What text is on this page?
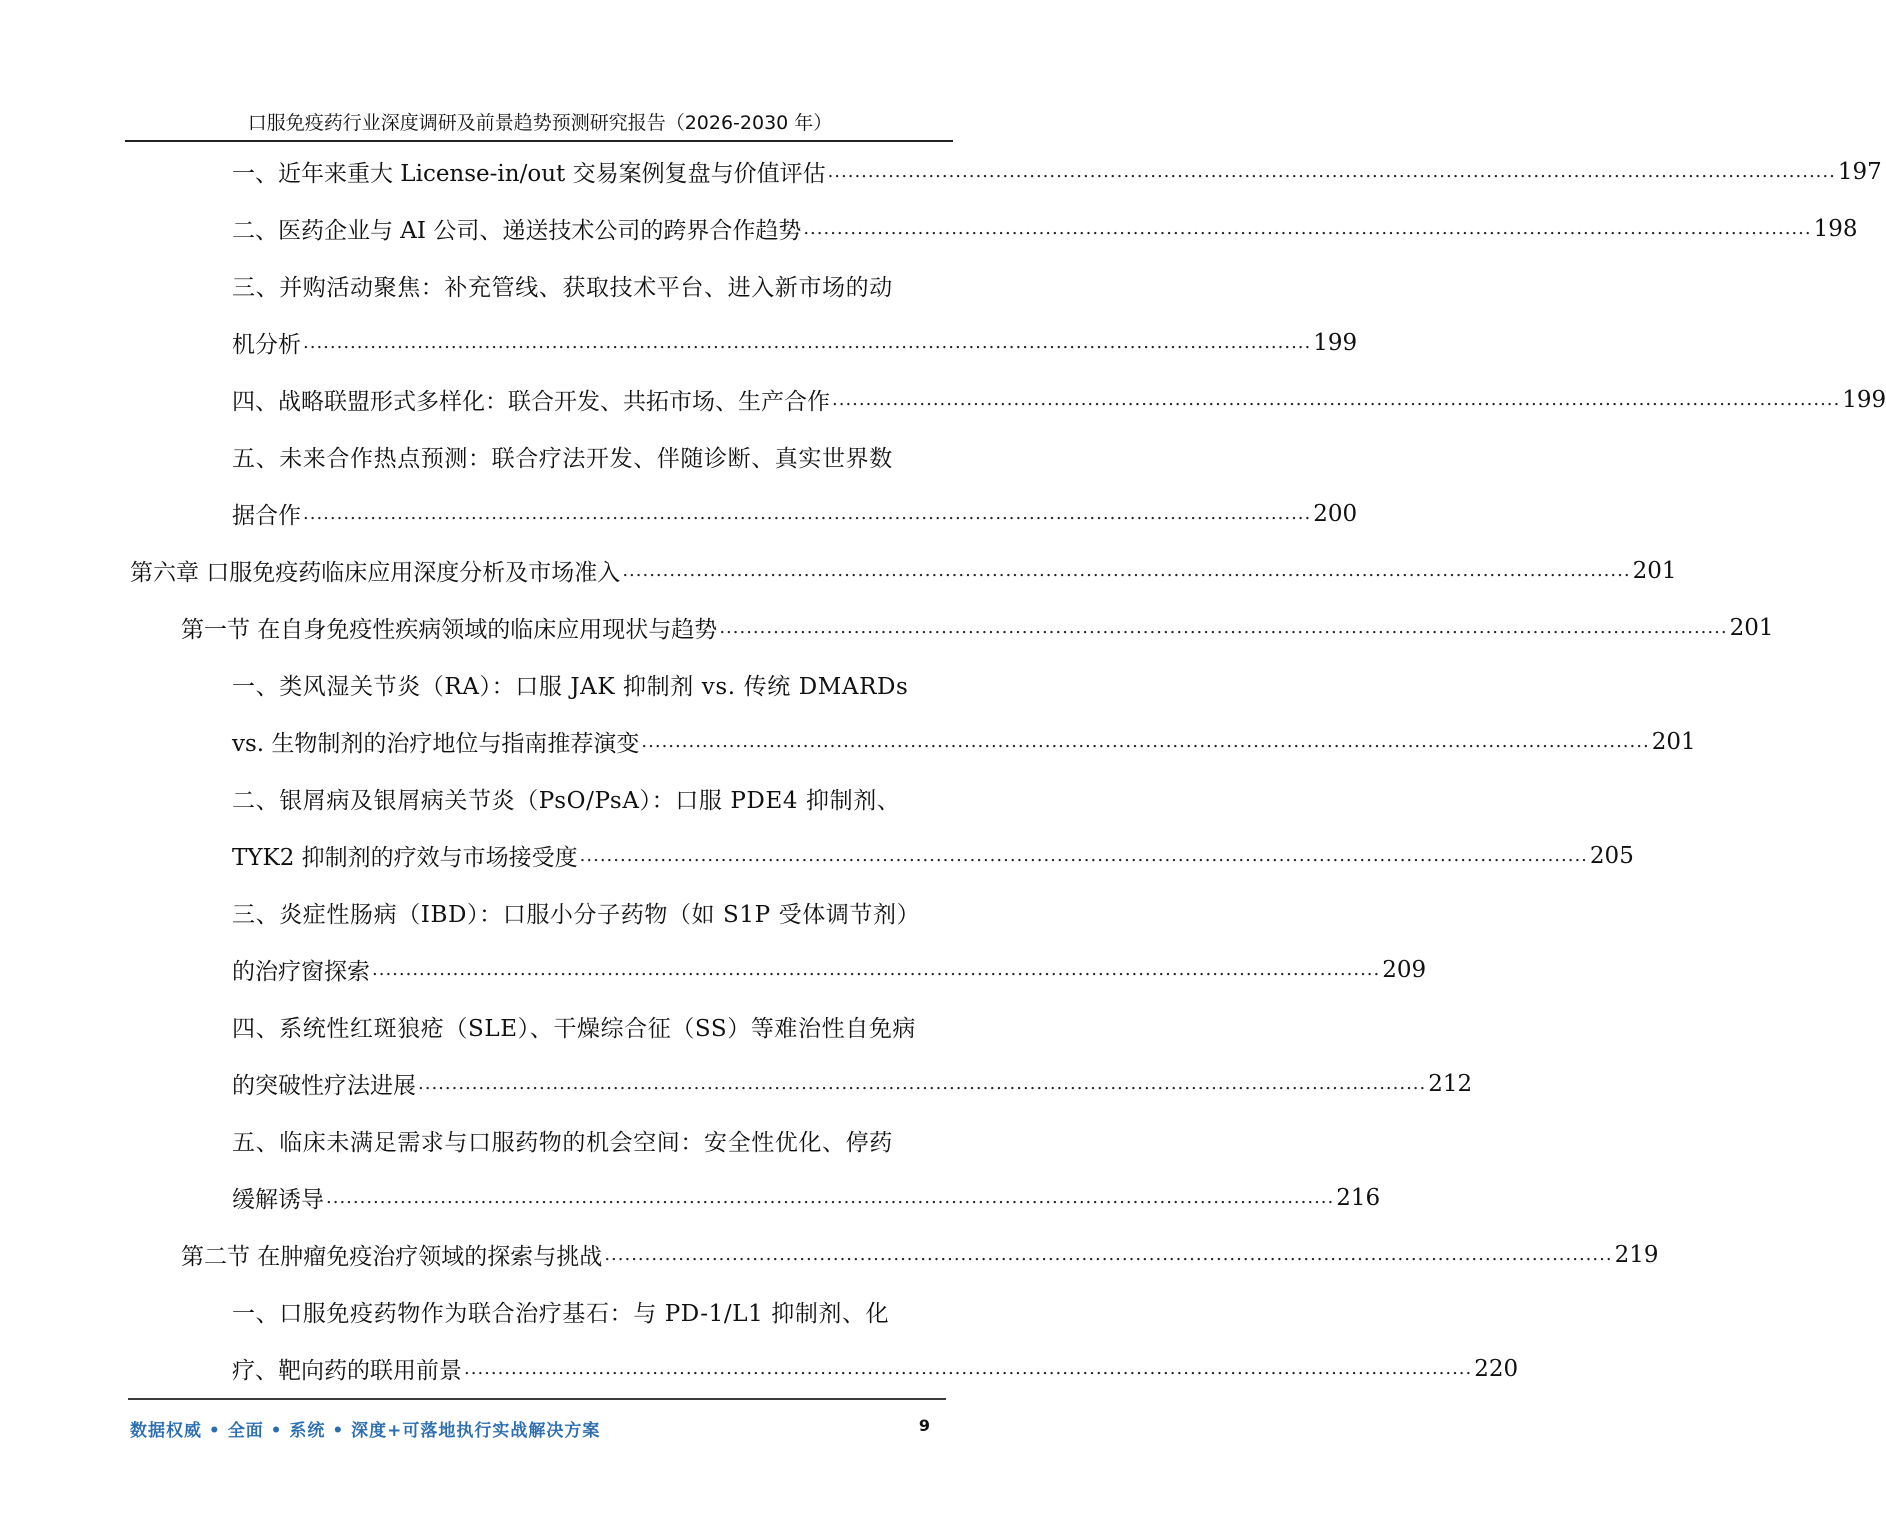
口服免疫药行业深度调研及前景趋势预测研究报告（2026-2030 年）
一、近年来重大 License-in/out 交易案例复盘与价值评估 ...................................................................................................................................................... 197
二、医药企业与 AI 公司、递送技术公司的跨界合作趋势 ...................................................................................................................................................... 198
三、并购活动聚焦：补充管线、获取技术平台、进入新市场的动
机分析 ...................................................................................................................................................... 199
四、战略联盟形式多样化：联合开发、共拓市场、生产合作 ...................................................................................................................................................... 199
五、未来合作热点预测：联合疗法开发、伴随诊断、真实世界数
据合作 ...................................................................................................................................................... 200
第六章 口服免疫药临床应用深度分析及市场准入 ...................................................................................................................................................... 201
第一节 在自身免疫性疾病领域的临床应用现状与趋势 ...................................................................................................................................................... 201
一、类风湿关节炎（RA）：口服 JAK 抑制剂 vs. 传统 DMARDs
vs. 生物制剂的治疗地位与指南推荐演变 ...................................................................................................................................................... 201
二、银屑病及银屑病关节炎（PsO/PsA）：口服 PDE4 抑制剂、
TYK2 抑制剂的疗效与市场接受度 ...................................................................................................................................................... 205
三、炎症性肠病（IBD）：口服小分子药物（如 S1P 受体调节剂）
的治疗窗探索 ...................................................................................................................................................... 209
四、系统性红斑狼疮（SLE）、干燥综合征（SS）等难治性自免病
的突破性疗法进展 ...................................................................................................................................................... 212
五、临床未满足需求与口服药物的机会空间：安全性优化、停药
缓解诱导 ...................................................................................................................................................... 216
第二节 在肿瘤免疫治疗领域的探索与挑战 ...................................................................................................................................................... 219
一、口服免疫药物作为联合治疗基石：与 PD-1/L1 抑制剂、化
疗、靶向药的联用前景 ...................................................................................................................................................... 220
数据权威 • 全面 • 系统 • 深度+可落地执行实战解决方案	9
